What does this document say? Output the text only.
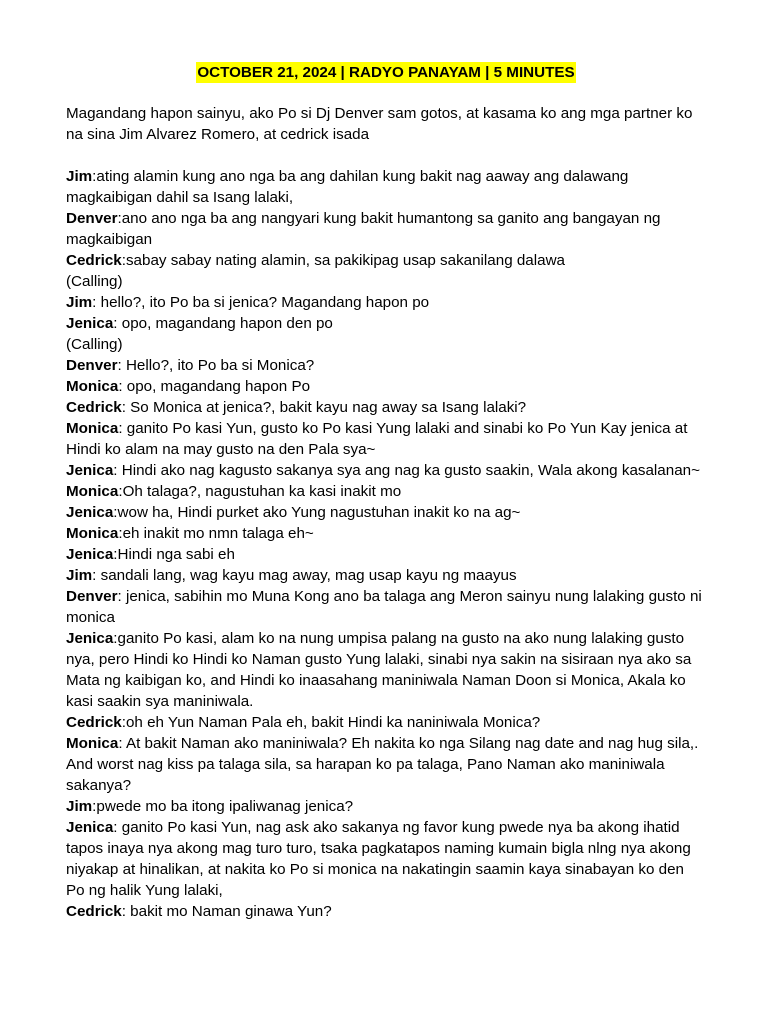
OCTOBER 21, 2024 | RADYO PANAYAM | 5 MINUTES

Magandang hapon sainyu, ako Po si Dj Denver sam gotos, at kasama ko ang mga partner ko na sina Jim Alvarez Romero, at cedrick isada

Jim:ating alamin kung ano nga ba ang dahilan kung bakit nag aaway ang dalawang magkaibigan dahil sa Isang lalaki,

Denver:ano ano nga ba ang nangyari kung bakit humantong sa ganito ang bangayan ng magkaibigan

Cedrick:sabay sabay nating alamin, sa pakikipag usap sakanilang dalawa

(Calling)

Jim: hello?, ito Po ba si jenica? Magandang hapon po

Jenica: opo, magandang hapon den po

(Calling)

Denver: Hello?, ito Po ba si Monica?

Monica: opo, magandang hapon Po

Cedrick: So Monica at jenica?, bakit kayu nag away sa Isang lalaki?

Monica: ganito Po kasi Yun, gusto ko Po kasi Yung lalaki and sinabi ko Po Yun Kay jenica at Hindi ko alam na may gusto na den Pala sya~

Jenica: Hindi ako nag kagusto sakanya sya ang nag ka gusto saakin, Wala akong kasalanan~

Monica:Oh talaga?, nagustuhan ka kasi inakit mo

Jenica:wow ha, Hindi purket ako Yung nagustuhan inakit ko na ag~

Monica:eh inakit mo nmn talaga eh~

Jenica:Hindi nga sabi eh

Jim: sandali lang, wag kayu mag away, mag usap kayu ng maayus

Denver: jenica, sabihin mo Muna Kong ano ba talaga ang Meron sainyu nung lalaking gusto ni monica

Jenica:ganito Po kasi, alam ko na nung umpisa palang na gusto na ako nung lalaking gusto nya, pero Hindi ko Hindi ko Naman gusto Yung lalaki, sinabi nya sakin na sisiraan nya ako sa Mata ng kaibigan ko, and Hindi ko inaasahang maniniwala Naman Doon si Monica, Akala ko kasi saakin sya maniniwala.

Cedrick:oh eh Yun Naman Pala eh, bakit Hindi ka naniniwala Monica?

Monica: At bakit Naman ako maniniwala? Eh nakita ko nga Silang nag date and nag hug sila,. And worst nag kiss pa talaga sila, sa harapan ko pa talaga, Pano Naman ako maniniwala sakanya?

Jim:pwede mo ba itong ipaliwanag jenica?

Jenica: ganito Po kasi Yun, nag ask ako sakanya ng favor kung pwede nya ba akong ihatid tapos inaya nya akong mag turo turo, tsaka pagkatapos naming kumain bigla nlng nya akong niyakap at hinalikan, at nakita ko Po si monica na nakatingin saamin kaya sinabayan ko den Po ng halik Yung lalaki,

Cedrick: bakit mo Naman ginawa Yun?
